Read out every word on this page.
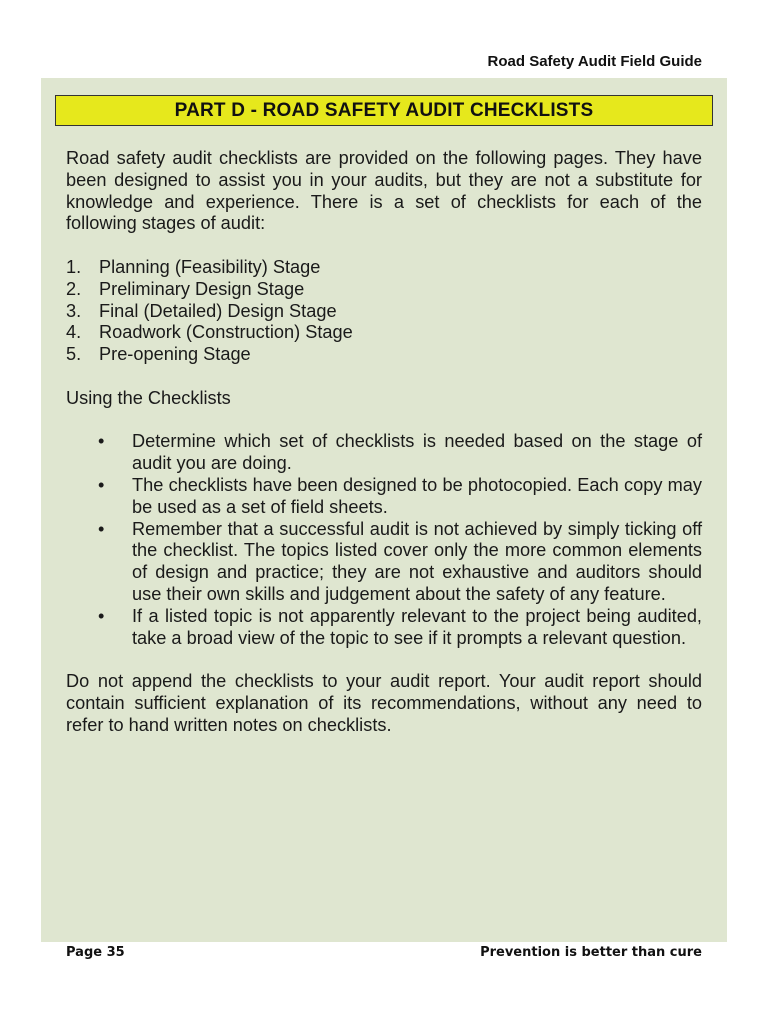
Road Safety Audit Field Guide
PART D - ROAD SAFETY AUDIT CHECKLISTS

Road safety audit checklists are provided on the following pages. They have been designed to assist you in your audits, but they are not a substitute for knowledge and experience. There is a set of checklists for each of the following stages of audit:

1. Planning (Feasibility) Stage
2. Preliminary Design Stage
3. Final (Detailed) Design Stage
4. Roadwork (Construction) Stage
5. Pre-opening Stage

Using the Checklists

•	Determine which set of checklists is needed based on the stage of audit you are doing.
•	The checklists have been designed to be photocopied. Each copy may be used as a set of field sheets.
•	Remember that a successful audit is not achieved by simply ticking off the checklist. The topics listed cover only the more common elements of design and practice; they are not exhaustive and auditors should use their own skills and judgement about the safety of any feature.
•	If a listed topic is not apparently relevant to the project being audited, take a broad view of the topic to see if it prompts a relevant question.

Do not append the checklists to your audit report. Your audit report should contain sufficient explanation of its recommendations, without any need to refer to hand written notes on checklists.

Page 35	Prevention is better than cure
